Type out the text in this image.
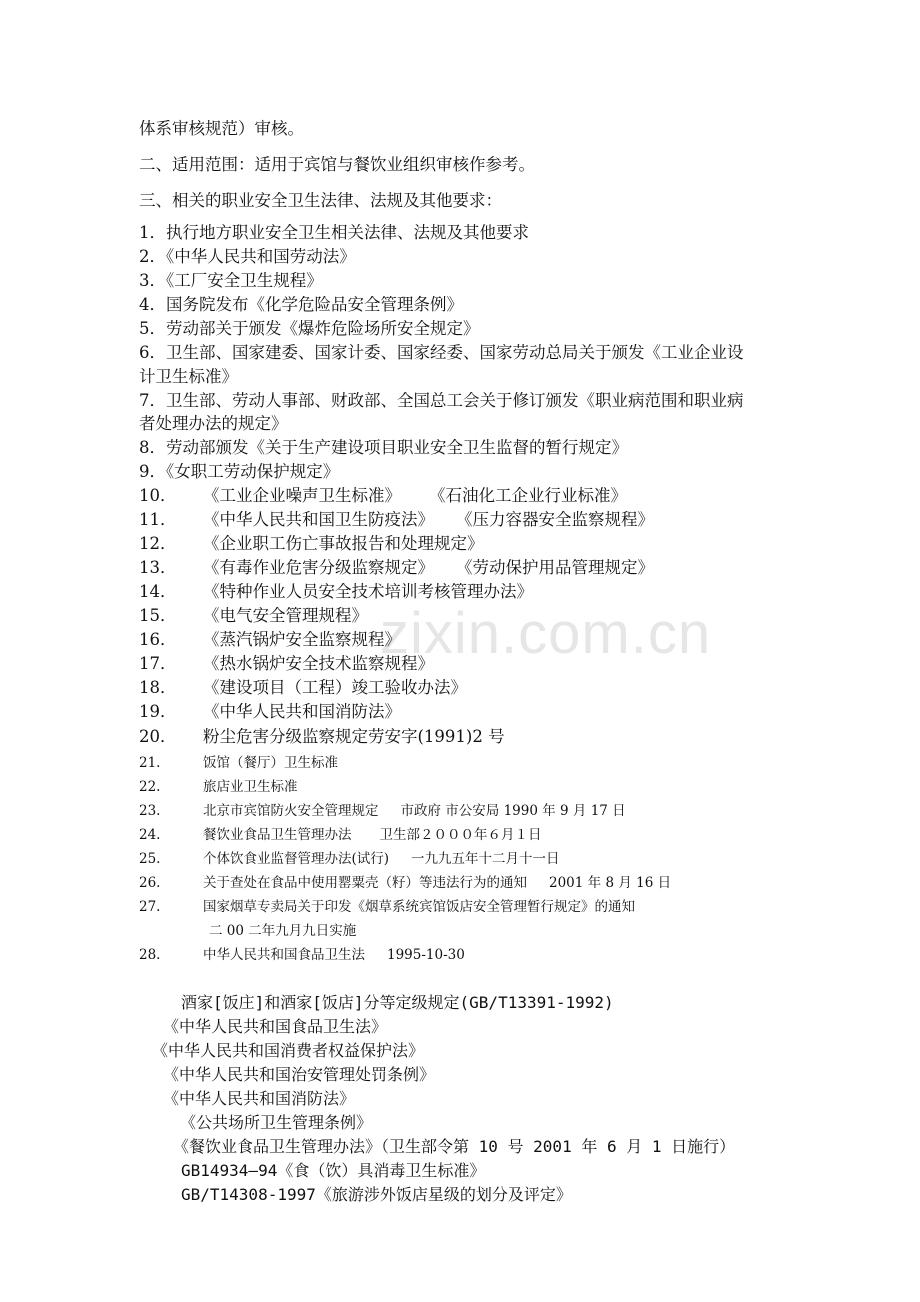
zixin.com.cn
体系审核规范）审核。
二、适用范围：适用于宾馆与餐饮业组织审核作参考。
三、相关的职业安全卫生法律、法规及其他要求：
1．执行地方职业安全卫生相关法律、法规及其他要求
2．《中华人民共和国劳动法》
3．《工厂安全卫生规程》
4．国务院发布《化学危险品安全管理条例》
5．劳动部关于颁发《爆炸危险场所安全规定》
6．卫生部、国家建委、国家计委、国家经委、国家劳动总局关于颁发《工业企业设
计卫生标准》
7．卫生部、劳动人事部、财政部、全国总工会关于修订颁发《职业病范围和职业病
者处理办法的规定》
8．劳动部颁发《关于生产建设项目职业安全卫生监督的暂行规定》
9．《女职工劳动保护规定》
10． 《工业企业噪声卫生标准》 《石油化工企业行业标准》
11． 《中华人民共和国卫生防疫法》 《压力容器安全监察规程》
12． 《企业职工伤亡事故报告和处理规定》
13． 《有毒作业危害分级监察规定》 《劳动保护用品管理规定》
14． 《特种作业人员安全技术培训考核管理办法》
15． 《电气安全管理规程》
16． 《蒸汽锅炉安全监察规程》
17． 《热水锅炉安全技术监察规程》
18． 《建设项目（工程）竣工验收办法》
19． 《中华人民共和国消防法》
20． 粉尘危害分级监察规定劳安字(1991)2 号
21.	饭馆（餐厅）卫生标准
22.	旅店业卫生标准
23.	北京市宾馆防火安全管理规定 市政府 市公安局 1990 年 9 月 17 日
24.	餐饮业食品卫生管理办法 卫生部２０００年６月１日
25.	个体饮食业监督管理办法(试行) 一九九五年十二月十一日
26.	关于查处在食品中使用罂粟壳（籽）等违法行为的通知 2001 年 8 月 16 日
27.	国家烟草专卖局关于印发《烟草系统宾馆饭店安全管理暂行规定》的通知
二 00 二年九月九日实施
28.	中华人民共和国食品卫生法 1995-10-30
酒家[饭庄]和酒家[饭店]分等定级规定(GB/T13391-1992)
《中华人民共和国食品卫生法》
《中华人民共和国消费者权益保护法》
《中华人民共和国治安管理处罚条例》
《中华人民共和国消防法》
《公共场所卫生管理条例》
《餐饮业食品卫生管理办法》（卫生部令第 10 号 2001 年 6 月 1 日施行）
GB14934—94《食（饮）具消毒卫生标准》
GB/T14308-1997《旅游涉外饭店星级的划分及评定》
